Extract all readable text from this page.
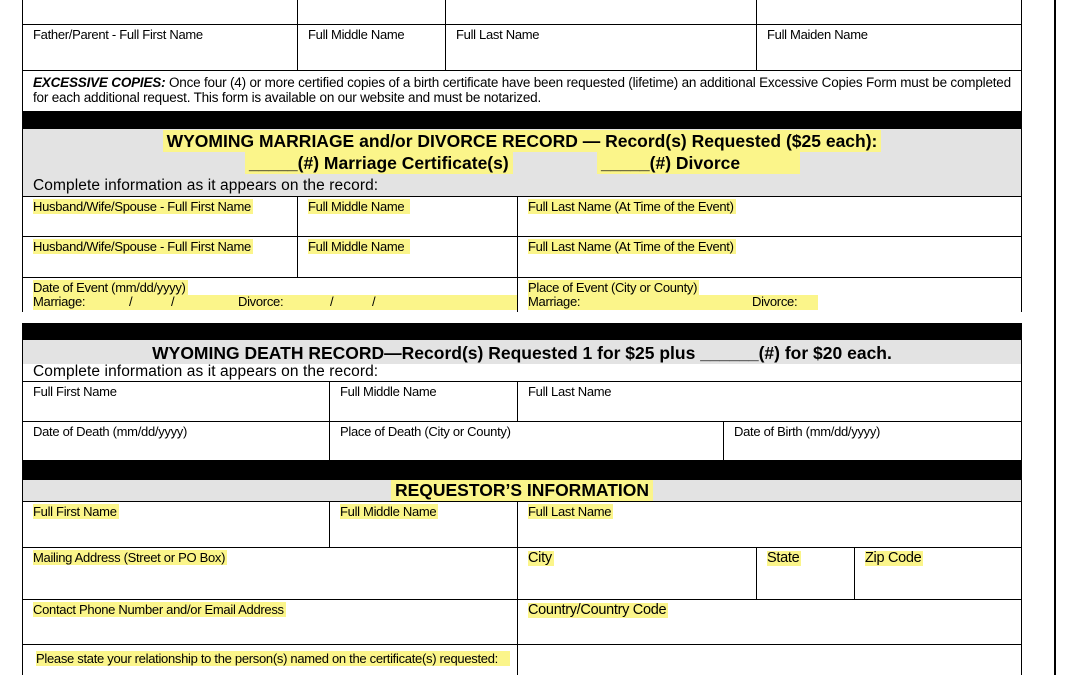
Father/Parent - Full First Name	Full Middle Name	Full Last Name	Full Maiden Name
EXCESSIVE COPIES: Once four (4) or more certified copies of a birth certificate have been requested (lifetime) an additional Excessive Copies Form must be completed for each additional request. This form is available on our website and must be notarized.
WYOMING MARRIAGE and/or DIVORCE RECORD — Record(s) Requested ($25 each):
_____(#) Marriage Certificate(s)	_____(#) Divorce
Complete information as it appears on the record:
Husband/Wife/Spouse - Full First Name	Full Middle Name	Full Last Name (At Time of the Event)
Husband/Wife/Spouse - Full First Name	Full Middle Name	Full Last Name (At Time of the Event)
Date of Event (mm/dd/yyyy)
Marriage:	/	/	Divorce:	/	/
Place of Event (City or County)
Marriage:	Divorce:
WYOMING DEATH RECORD—Record(s) Requested 1 for $25 plus ______(#) for $20 each.
Complete information as it appears on the record:
Full First Name	Full Middle Name	Full Last Name
Date of Death (mm/dd/yyyy)	Place of Death (City or County)	Date of Birth (mm/dd/yyyy)
REQUESTOR’S INFORMATION
Full First Name	Full Middle Name	Full Last Name
Mailing Address (Street or PO Box)	City	State	Zip Code
Contact Phone Number and/or Email Address	Country/Country Code
Please state your relationship to the person(s) named on the certificate(s) requested:
